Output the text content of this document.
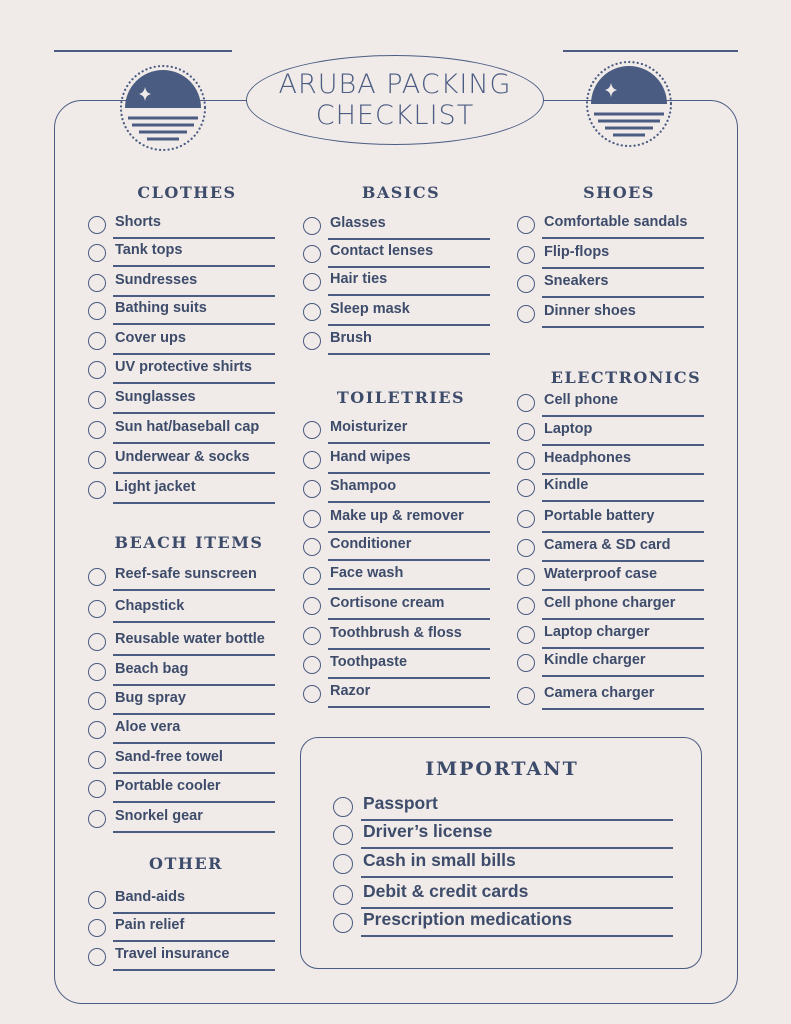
ARUBA PACKING
CHECKLIST
CLOTHES	BASICS	SHOES
TOILETRIES
ELECTRONICS
BEACH ITEMS
OTHER
IMPORTANT
Shorts
Tank tops
Sundresses
Bathing suits
Cover ups
UV protective shirts
Sunglasses
Sun hat/baseball cap
Underwear & socks
Light jacket
Reef-safe sunscreen
Chapstick
Reusable water bottle
Beach bag
Bug spray
Aloe vera
Sand-free towel
Portable cooler
Snorkel gear
Band-aids
Pain relief
Travel insurance
Glasses
Contact lenses
Hair ties
Sleep mask
Brush
Moisturizer
Hand wipes
Shampoo
Make up & remover
Conditioner
Face wash
Cortisone cream
Toothbrush & floss
Toothpaste
Razor
Comfortable sandals
Flip-flops
Sneakers
Dinner shoes
Cell phone
Laptop
Headphones
Kindle
Portable battery
Camera & SD card
Waterproof case
Cell phone charger
Laptop charger
Kindle charger
Camera charger
Passport
Driver’s license
Cash in small bills
Debit & credit cards
Prescription medications
